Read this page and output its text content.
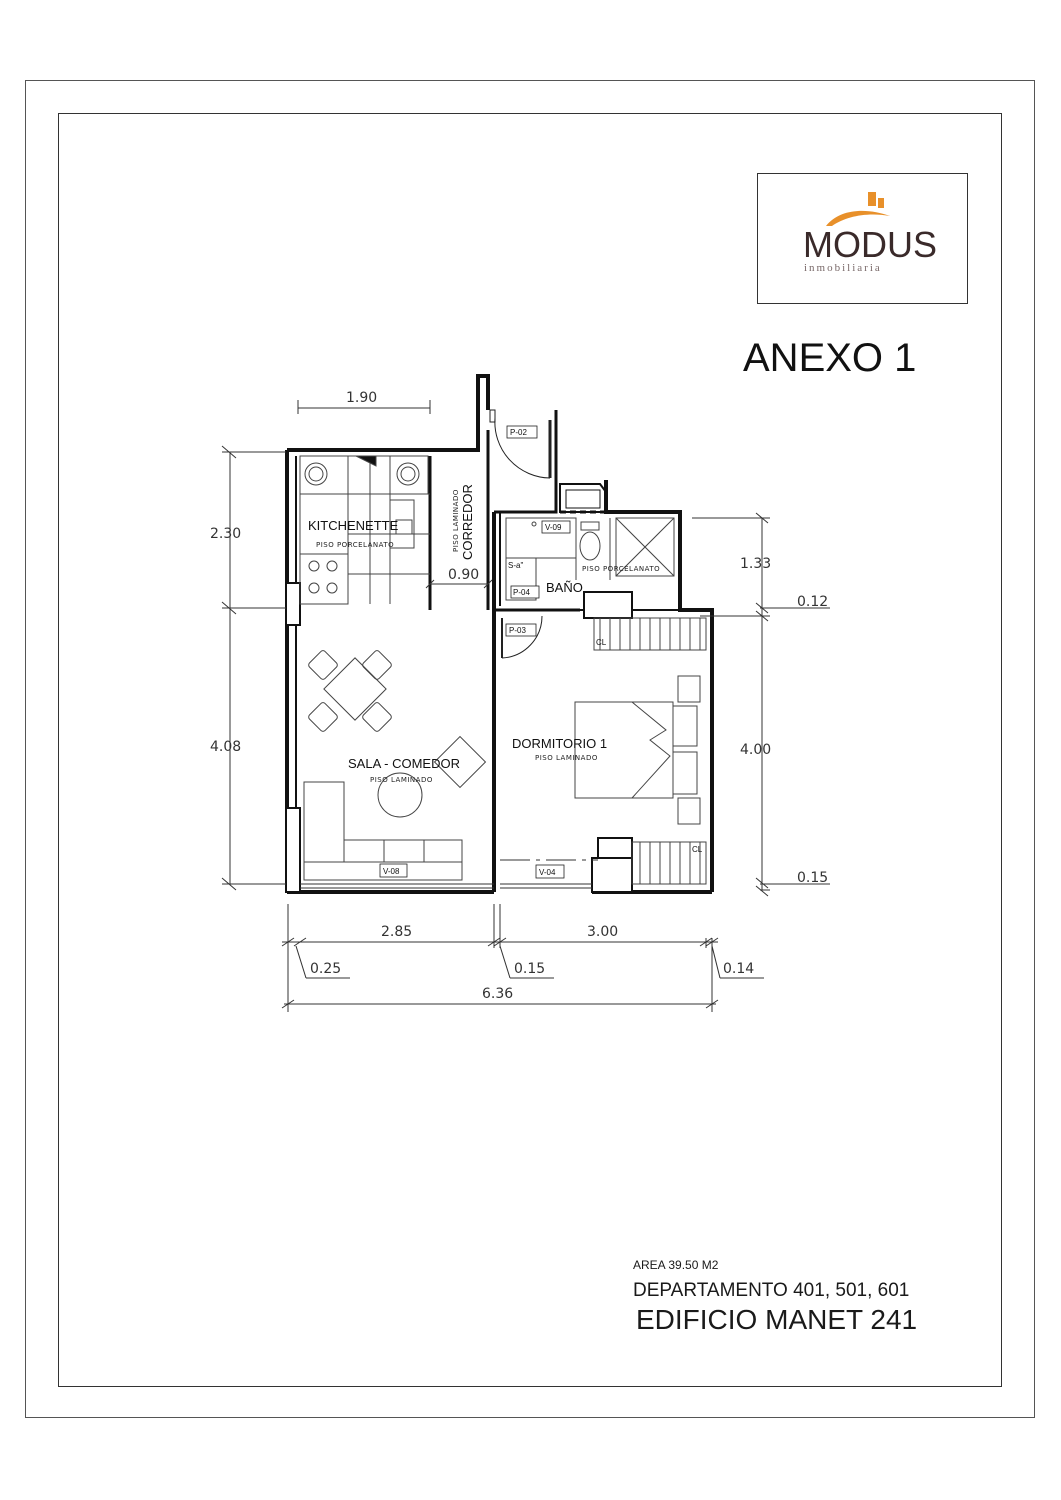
MODUS
inmobiliaria
ANEXO 1
KITCHENETTE
PISO PORCELANATO	CORREDOR
PISO LAMINADO
P-02
P-03
V-09
S-a"
P-04 BAÑO
PISO PORCELANATO
SALA - COMEDOR
PISO LAMINADO
V-08
CL
CL
DORMITORIO 1
PISO LAMINADO
V-04
1.90
2.30
4.08
0.90
1.33
0.12
4.00
0.15
2.85	3.00
0.25	0.15	0.14
6.36
AREA 39.50 M2
DEPARTAMENTO 401, 501, 601
EDIFICIO MANET 241
